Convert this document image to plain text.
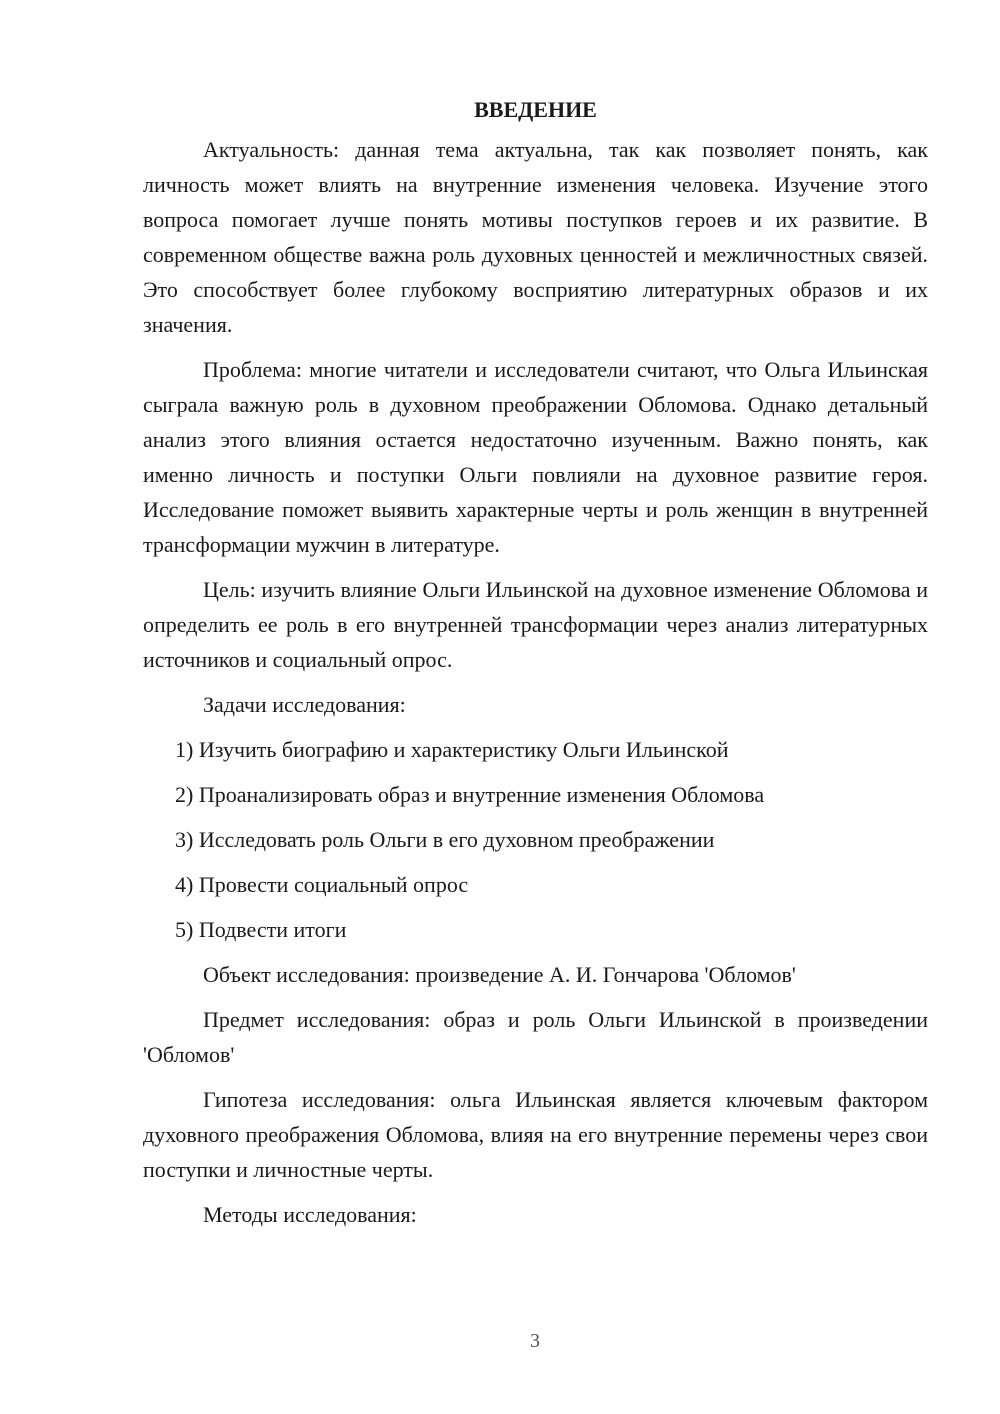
ВВЕДЕНИЕ

Актуальность: данная тема актуальна, так как позволяет понять, как личность может влиять на внутренние изменения человека. Изучение этого вопроса помогает лучше понять мотивы поступков героев и их развитие. В современном обществе важна роль духовных ценностей и межличностных связей. Это способствует более глубокому восприятию литературных образов и их значения.

Проблема: многие читатели и исследователи считают, что Ольга Ильинская сыграла важную роль в духовном преображении Обломова. Однако детальный анализ этого влияния остается недостаточно изученным. Важно понять, как именно личность и поступки Ольги повлияли на духовное развитие героя. Исследование поможет выявить характерные черты и роль женщин в внутренней трансформации мужчин в литературе.

Цель: изучить влияние Ольги Ильинской на духовное изменение Обломова и определить ее роль в его внутренней трансформации через анализ литературных источников и социальный опрос.

Задачи исследования:

1) Изучить биографию и характеристику Ольги Ильинской
2) Проанализировать образ и внутренние изменения Обломова
3) Исследовать роль Ольги в его духовном преображении
4) Провести социальный опрос
5) Подвести итоги

Объект исследования: произведение А. И. Гончарова 'Обломов'

Предмет исследования: образ и роль Ольги Ильинской в произведении 'Обломов'

Гипотеза исследования: ольга Ильинская является ключевым фактором духовного преображения Обломова, влияя на его внутренние перемены через свои поступки и личностные черты.

Методы исследования:

3
